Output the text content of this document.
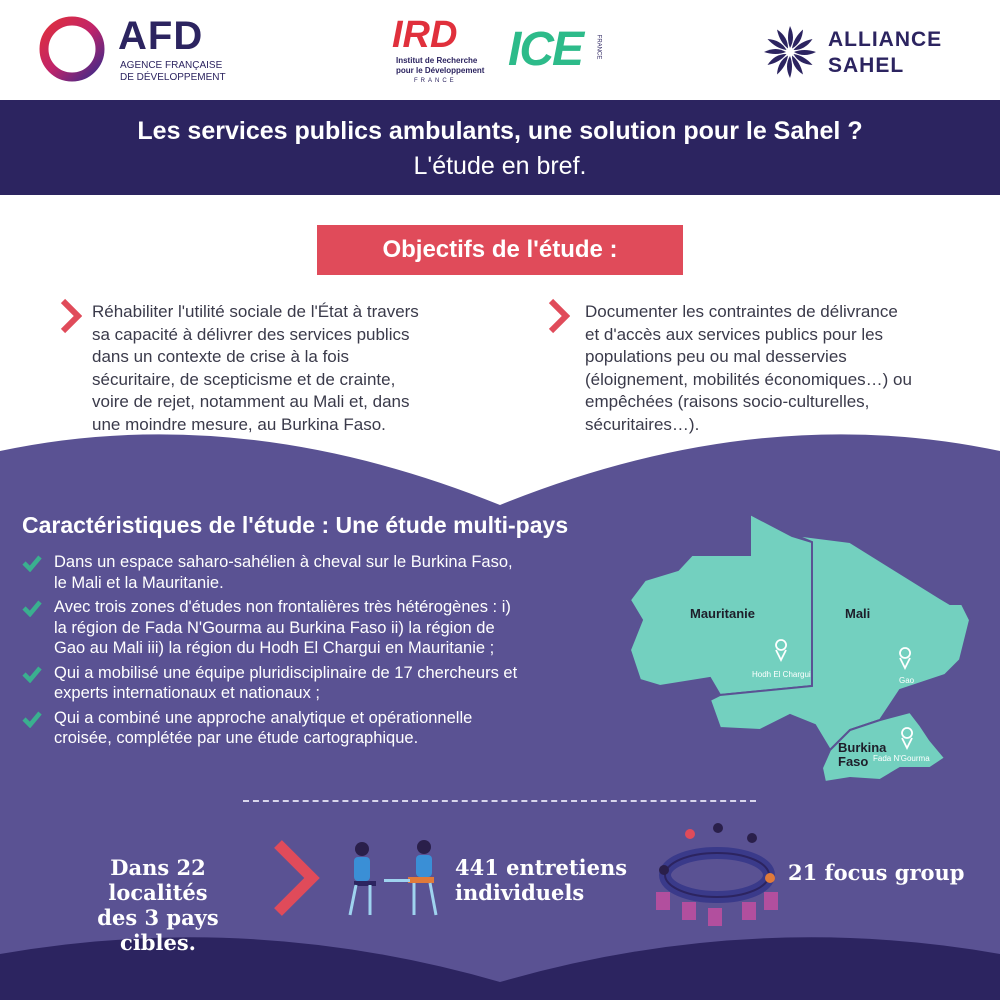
AFD
AGENCE FRANÇAISE
DE DÉVELOPPEMENT
IRD
Institut de Recherche
pour le Développement
FRANCE
ICE FRANCE	ALLIANCE
SAHEL
Les services publics ambulants, une solution pour le Sahel ?
L'étude en bref.
Objectifs de l'étude :
Réhabiliter l'utilité sociale de l'État à travers
sa capacité à délivrer des services publics
dans un contexte de crise à la fois
sécuritaire, de scepticisme et de crainte,
voire de rejet, notamment au Mali et, dans
une moindre mesure, au Burkina Faso.
Documenter les contraintes de délivrance
et d'accès aux services publics pour les
populations peu ou mal desservies
(éloignement, mobilités économiques…) ou
empêchées (raisons socio-culturelles,
sécuritaires…).
Caractéristiques de l'étude : Une étude multi-pays
Dans un espace saharo-sahélien à cheval sur le Burkina Faso,
le Mali et la Mauritanie.
Avec trois zones d'études non frontalières très hétérogènes : i)
la région de Fada N'Gourma au Burkina Faso ii) la région de
Gao au Mali iii) la région du Hodh El Chargui en Mauritanie ;
Qui a mobilisé une équipe pluridisciplinaire de 17 chercheurs et
experts internationaux et nationaux ;
Qui a combiné une approche analytique et opérationnelle
croisée, complétée par une étude cartographique.
Mauritanie	Mali
Burkina
Faso
Hodh El Chargui
Gao
Fada N'Gourma
Dans 22 localités
des 3 pays cibles.
441 entretiens
individuels
21 focus group
